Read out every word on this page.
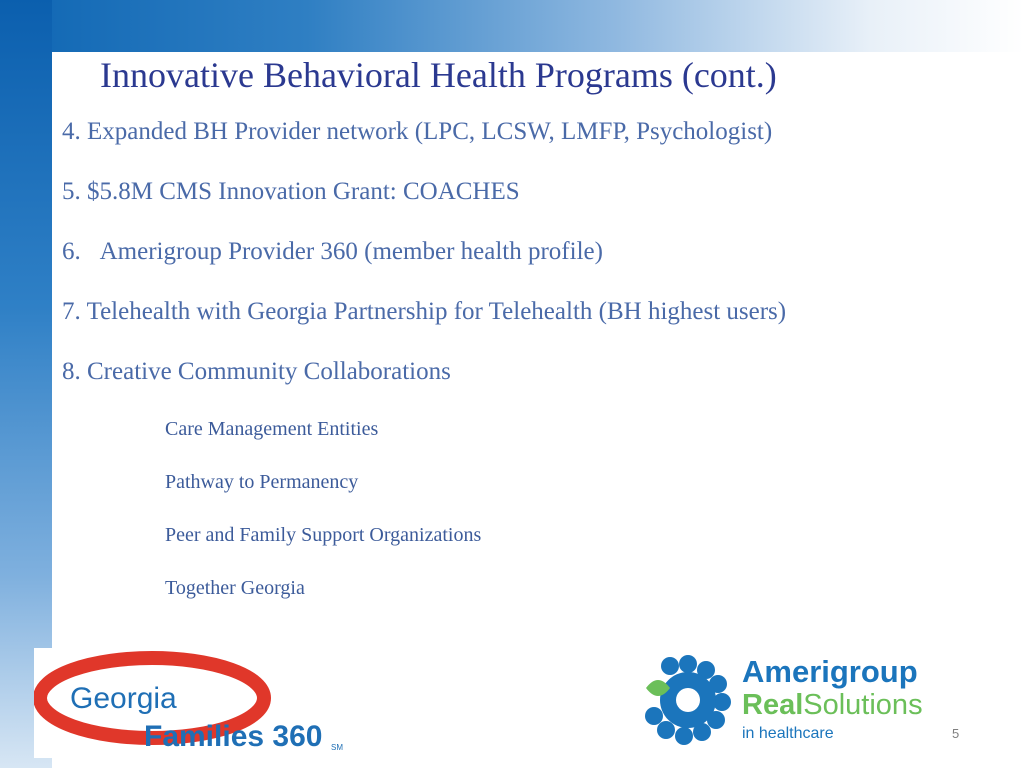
Innovative Behavioral Health Programs (cont.)

4. Expanded BH Provider network (LPC, LCSW, LMFP, Psychologist)

5. $5.8M CMS Innovation Grant: COACHES

6. Amerigroup Provider 360 (member health profile)

7. Telehealth with Georgia Partnership for Telehealth (BH highest users)

8. Creative Community Collaborations

Care Management Entities

Pathway to Permanency

Peer and Family Support Organizations

Together Georgia

Georgia
Families 360 SM
Amerigroup
RealSolutions
in healthcare	5
